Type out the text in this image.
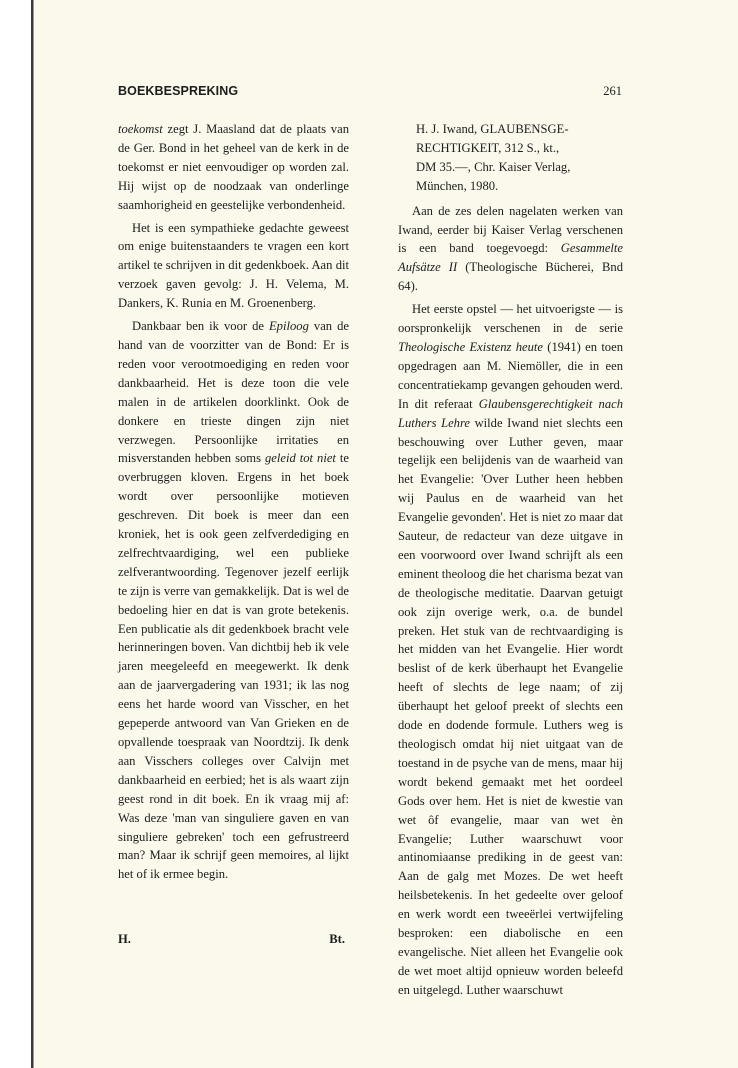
BOEKBESPREKING	261

toekomst zegt J. Maasland dat de plaats van de Ger. Bond in het geheel van de kerk in de toekomst er niet eenvoudiger op worden zal. Hij wijst op de noodzaak van onderlinge saamhorigheid en geestelijke verbondenheid.

Het is een sympathieke gedachte geweest om enige buitenstaanders te vragen een kort artikel te schrijven in dit gedenkboek. Aan dit verzoek gaven gevolg: J. H. Velema, M. Dankers, K. Runia en M. Groenenberg.

Dankbaar ben ik voor de Epiloog van de hand van de voorzitter van de Bond: Er is reden voor verootmoediging en reden voor dankbaarheid. Het is deze toon die vele malen in de artikelen doorklinkt. Ook de donkere en trieste dingen zijn niet verzwegen. Persoonlijke irritaties en misverstanden hebben soms geleid tot niet te overbruggen kloven. Ergens in het boek wordt over persoonlijke motieven geschreven. Dit boek is meer dan een kroniek, het is ook geen zelfverdediging en zelfrechtvaardiging, wel een publieke zelfverantwoording. Tegenover jezelf eerlijk te zijn is verre van gemakkelijk. Dat is wel de bedoeling hier en dat is van grote betekenis. Een publicatie als dit gedenkboek bracht vele herinneringen boven. Van dichtbij heb ik vele jaren meegeleefd en meegewerkt. Ik denk aan de jaarvergadering van 1931; ik las nog eens het harde woord van Visscher, en het gepeperde antwoord van Van Grieken en de opvallende toespraak van Noordtzij. Ik denk aan Visschers colleges over Calvijn met dankbaarheid en eerbied; het is als waart zijn geest rond in dit boek. En ik vraag mij af: Was deze 'man van singuliere gaven en van singuliere gebreken' toch een gefrustreerd man? Maar ik schrijf geen memoires, al lijkt het of ik ermee begin.

H.	Bt.
H. J. Iwand, GLAUBENSGE-
RECHTIGKEIT, 312 S., kt.,
DM 35.—, Chr. Kaiser Verlag,
München, 1980.

Aan de zes delen nagelaten werken van Iwand, eerder bij Kaiser Verlag verschenen is een band toegevoegd: Gesammelte Aufsätze II (Theologische Bücherei, Bnd 64).

Het eerste opstel — het uitvoerigste — is oorspronkelijk verschenen in de serie Theologische Existenz heute (1941) en toen opgedragen aan M. Niemöller, die in een concentratiekamp gevangen gehouden werd. In dit referaat Glaubensgerechtigkeit nach Luthers Lehre wilde Iwand niet slechts een beschouwing over Luther geven, maar tegelijk een belijdenis van de waarheid van het Evangelie: 'Over Luther heen hebben wij Paulus en de waarheid van het Evangelie gevonden'. Het is niet zo maar dat Sauteur, de redacteur van deze uitgave in een voorwoord over Iwand schrijft als een eminent theoloog die het charisma bezat van de theologische meditatie. Daarvan getuigt ook zijn overige werk, o.a. de bundel preken. Het stuk van de rechtvaardiging is het midden van het Evangelie. Hier wordt beslist of de kerk überhaupt het Evangelie heeft of slechts de lege naam; of zij überhaupt het geloof preekt of slechts een dode en dodende formule. Luthers weg is theologisch omdat hij niet uitgaat van de toestand in de psyche van de mens, maar hij wordt bekend gemaakt met het oordeel Gods over hem. Het is niet de kwestie van wet ôf evangelie, maar van wet èn Evangelie; Luther waarschuwt voor antinomiaanse prediking in de geest van: Aan de galg met Mozes. De wet heeft heilsbetekenis. In het gedeelte over geloof en werk wordt een tweeërlei vertwijfeling besproken: een diabolische en een evangelische. Niet alleen het Evangelie ook de wet moet altijd opnieuw worden beleefd en uitgelegd. Luther waarschuwt
